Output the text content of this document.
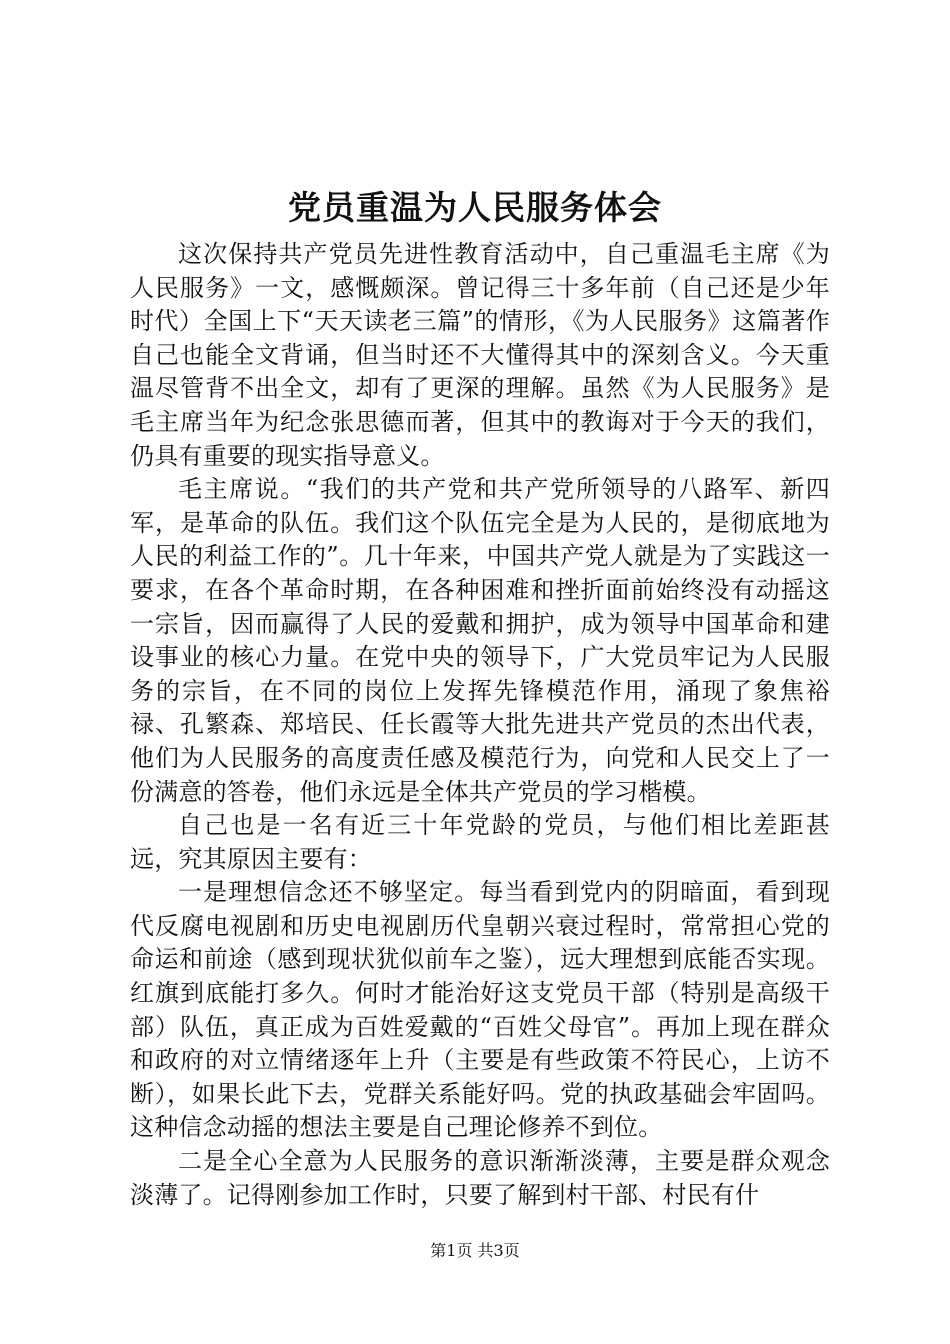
党员重温为人民服务体会

这次保持共产党员先进性教育活动中，自己重温毛主席《为人民服务》一文，感慨颇深。曾记得三十多年前（自己还是少年时代）全国上下“天天读老三篇”的情形，《为人民服务》这篇著作自己也能全文背诵，但当时还不大懂得其中的深刻含义。今天重温尽管背不出全文，却有了更深的理解。虽然《为人民服务》是毛主席当年为纪念张思德而著，但其中的教诲对于今天的我们，仍具有重要的现实指导意义。

毛主席说。“我们的共产党和共产党所领导的八路军、新四军，是革命的队伍。我们这个队伍完全是为人民的，是彻底地为人民的利益工作的”。几十年来，中国共产党人就是为了实践这一要求，在各个革命时期，在各种困难和挫折面前始终没有动摇这一宗旨，因而赢得了人民的爱戴和拥护，成为领导中国革命和建设事业的核心力量。在党中央的领导下，广大党员牢记为人民服务的宗旨，在不同的岗位上发挥先锋模范作用，涌现了象焦裕禄、孔繁森、郑培民、任长霞等大批先进共产党员的杰出代表，他们为人民服务的高度责任感及模范行为，向党和人民交上了一份满意的答卷，他们永远是全体共产党员的学习楷模。

自己也是一名有近三十年党龄的党员，与他们相比差距甚远，究其原因主要有：

一是理想信念还不够坚定。每当看到党内的阴暗面，看到现代反腐电视剧和历史电视剧历代皇朝兴衰过程时，常常担心党的命运和前途（感到现状犹似前车之鉴），远大理想到底能否实现。红旗到底能打多久。何时才能治好这支党员干部（特别是高级干部）队伍，真正成为百姓爱戴的“百姓父母官”。再加上现在群众和政府的对立情绪逐年上升（主要是有些政策不符民心，上访不断），如果长此下去，党群关系能好吗。党的执政基础会牢固吗。这种信念动摇的想法主要是自己理论修养不到位。

二是全心全意为人民服务的意识渐渐淡薄，主要是群众观念淡薄了。记得刚参加工作时，只要了解到村干部、村民有什

第1页 共3页
